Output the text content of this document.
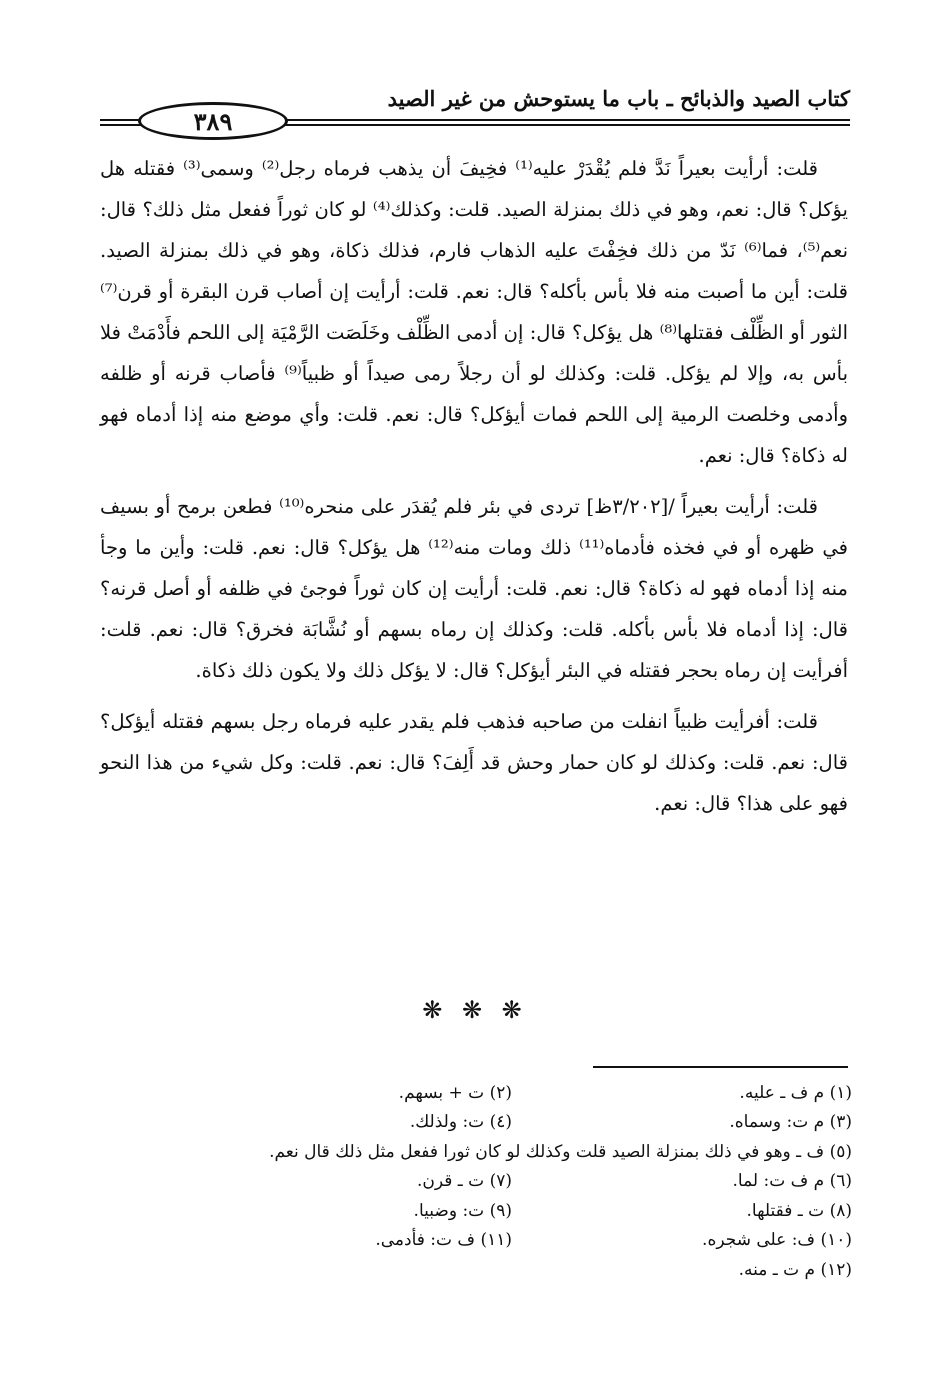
كتاب الصيد والذبائح ـ باب ما يستوحش من غير الصيد
٣٨٩

قلت: أرأيت بعيراً نَدَّ فلم يُقْدَرْ عليه⁽¹⁾ فخِيفَ أن يذهب فرماه رجل⁽²⁾ وسمى⁽³⁾ فقتله هل يؤكل؟ قال: نعم، وهو في ذلك بمنزلة الصيد. قلت: وكذلك⁽⁴⁾ لو كان ثوراً ففعل مثل ذلك؟ قال: نعم⁽⁵⁾، فما⁽⁶⁾ نَدّ من ذلك فخِفْتَ عليه الذهاب فارم، فذلك ذكاة، وهو في ذلك بمنزلة الصيد. قلت: أين ما أصبت منه فلا بأس بأكله؟ قال: نعم. قلت: أرأيت إن أصاب قرن البقرة أو قرن⁽⁷⁾ الثور أو الظِّلْف فقتلها⁽⁸⁾ هل يؤكل؟ قال: إن أدمى الظِّلْف وخَلَصَت الرَّمْيَة إلى اللحم فأَدْمَتْ فلا بأس به، وإلا لم يؤكل. قلت: وكذلك لو أن رجلاً رمى صيداً أو ظبياً⁽⁹⁾ فأصاب قرنه أو ظلفه وأدمى وخلصت الرمية إلى اللحم فمات أيؤكل؟ قال: نعم. قلت: وأي موضع منه إذا أدماه فهو له ذكاة؟ قال: نعم.

قلت: أرأيت بعيراً /[٣/٢٠٢ظ] تردى في بئر فلم يُقدَر على منحره⁽¹⁰⁾ فطعن برمح أو بسيف في ظهره أو في فخذه فأدماه⁽¹¹⁾ ذلك ومات منه⁽¹²⁾ هل يؤكل؟ قال: نعم. قلت: وأين ما وجأ منه إذا أدماه فهو له ذكاة؟ قال: نعم. قلت: أرأيت إن كان ثوراً فوجئ في ظلفه أو أصل قرنه؟ قال: إذا أدماه فلا بأس بأكله. قلت: وكذلك إن رماه بسهم أو نُشَّابَة فخرق؟ قال: نعم. قلت: أفرأيت إن رماه بحجر فقتله في البئر أيؤكل؟ قال: لا يؤكل ذلك ولا يكون ذلك ذكاة.

قلت: أفرأيت ظبياً انفلت من صاحبه فذهب فلم يقدر عليه فرماه رجل بسهم فقتله أيؤكل؟ قال: نعم. قلت: وكذلك لو كان حمار وحش قد أَلِفَ؟ قال: نعم. قلت: وكل شيء من هذا النحو فهو على هذا؟ قال: نعم.

❋ ❋ ❋
(١) م ف ـ عليه.
(٢) ت + بسهم.
(٣) م ت: وسماه.
(٤) ت: ولذلك.
(٥) ف ـ وهو في ذلك بمنزلة الصيد قلت وكذلك لو كان ثورا ففعل مثل ذلك قال نعم.
(٦) م ف ت: لما.
(٧) ت ـ قرن.
(٨) ت ـ فقتلها.
(٩) ت: وضبيا.
(١٠) ف: على شجره.
(١١) ف ت: فأدمى.
(١٢) م ت ـ منه.
